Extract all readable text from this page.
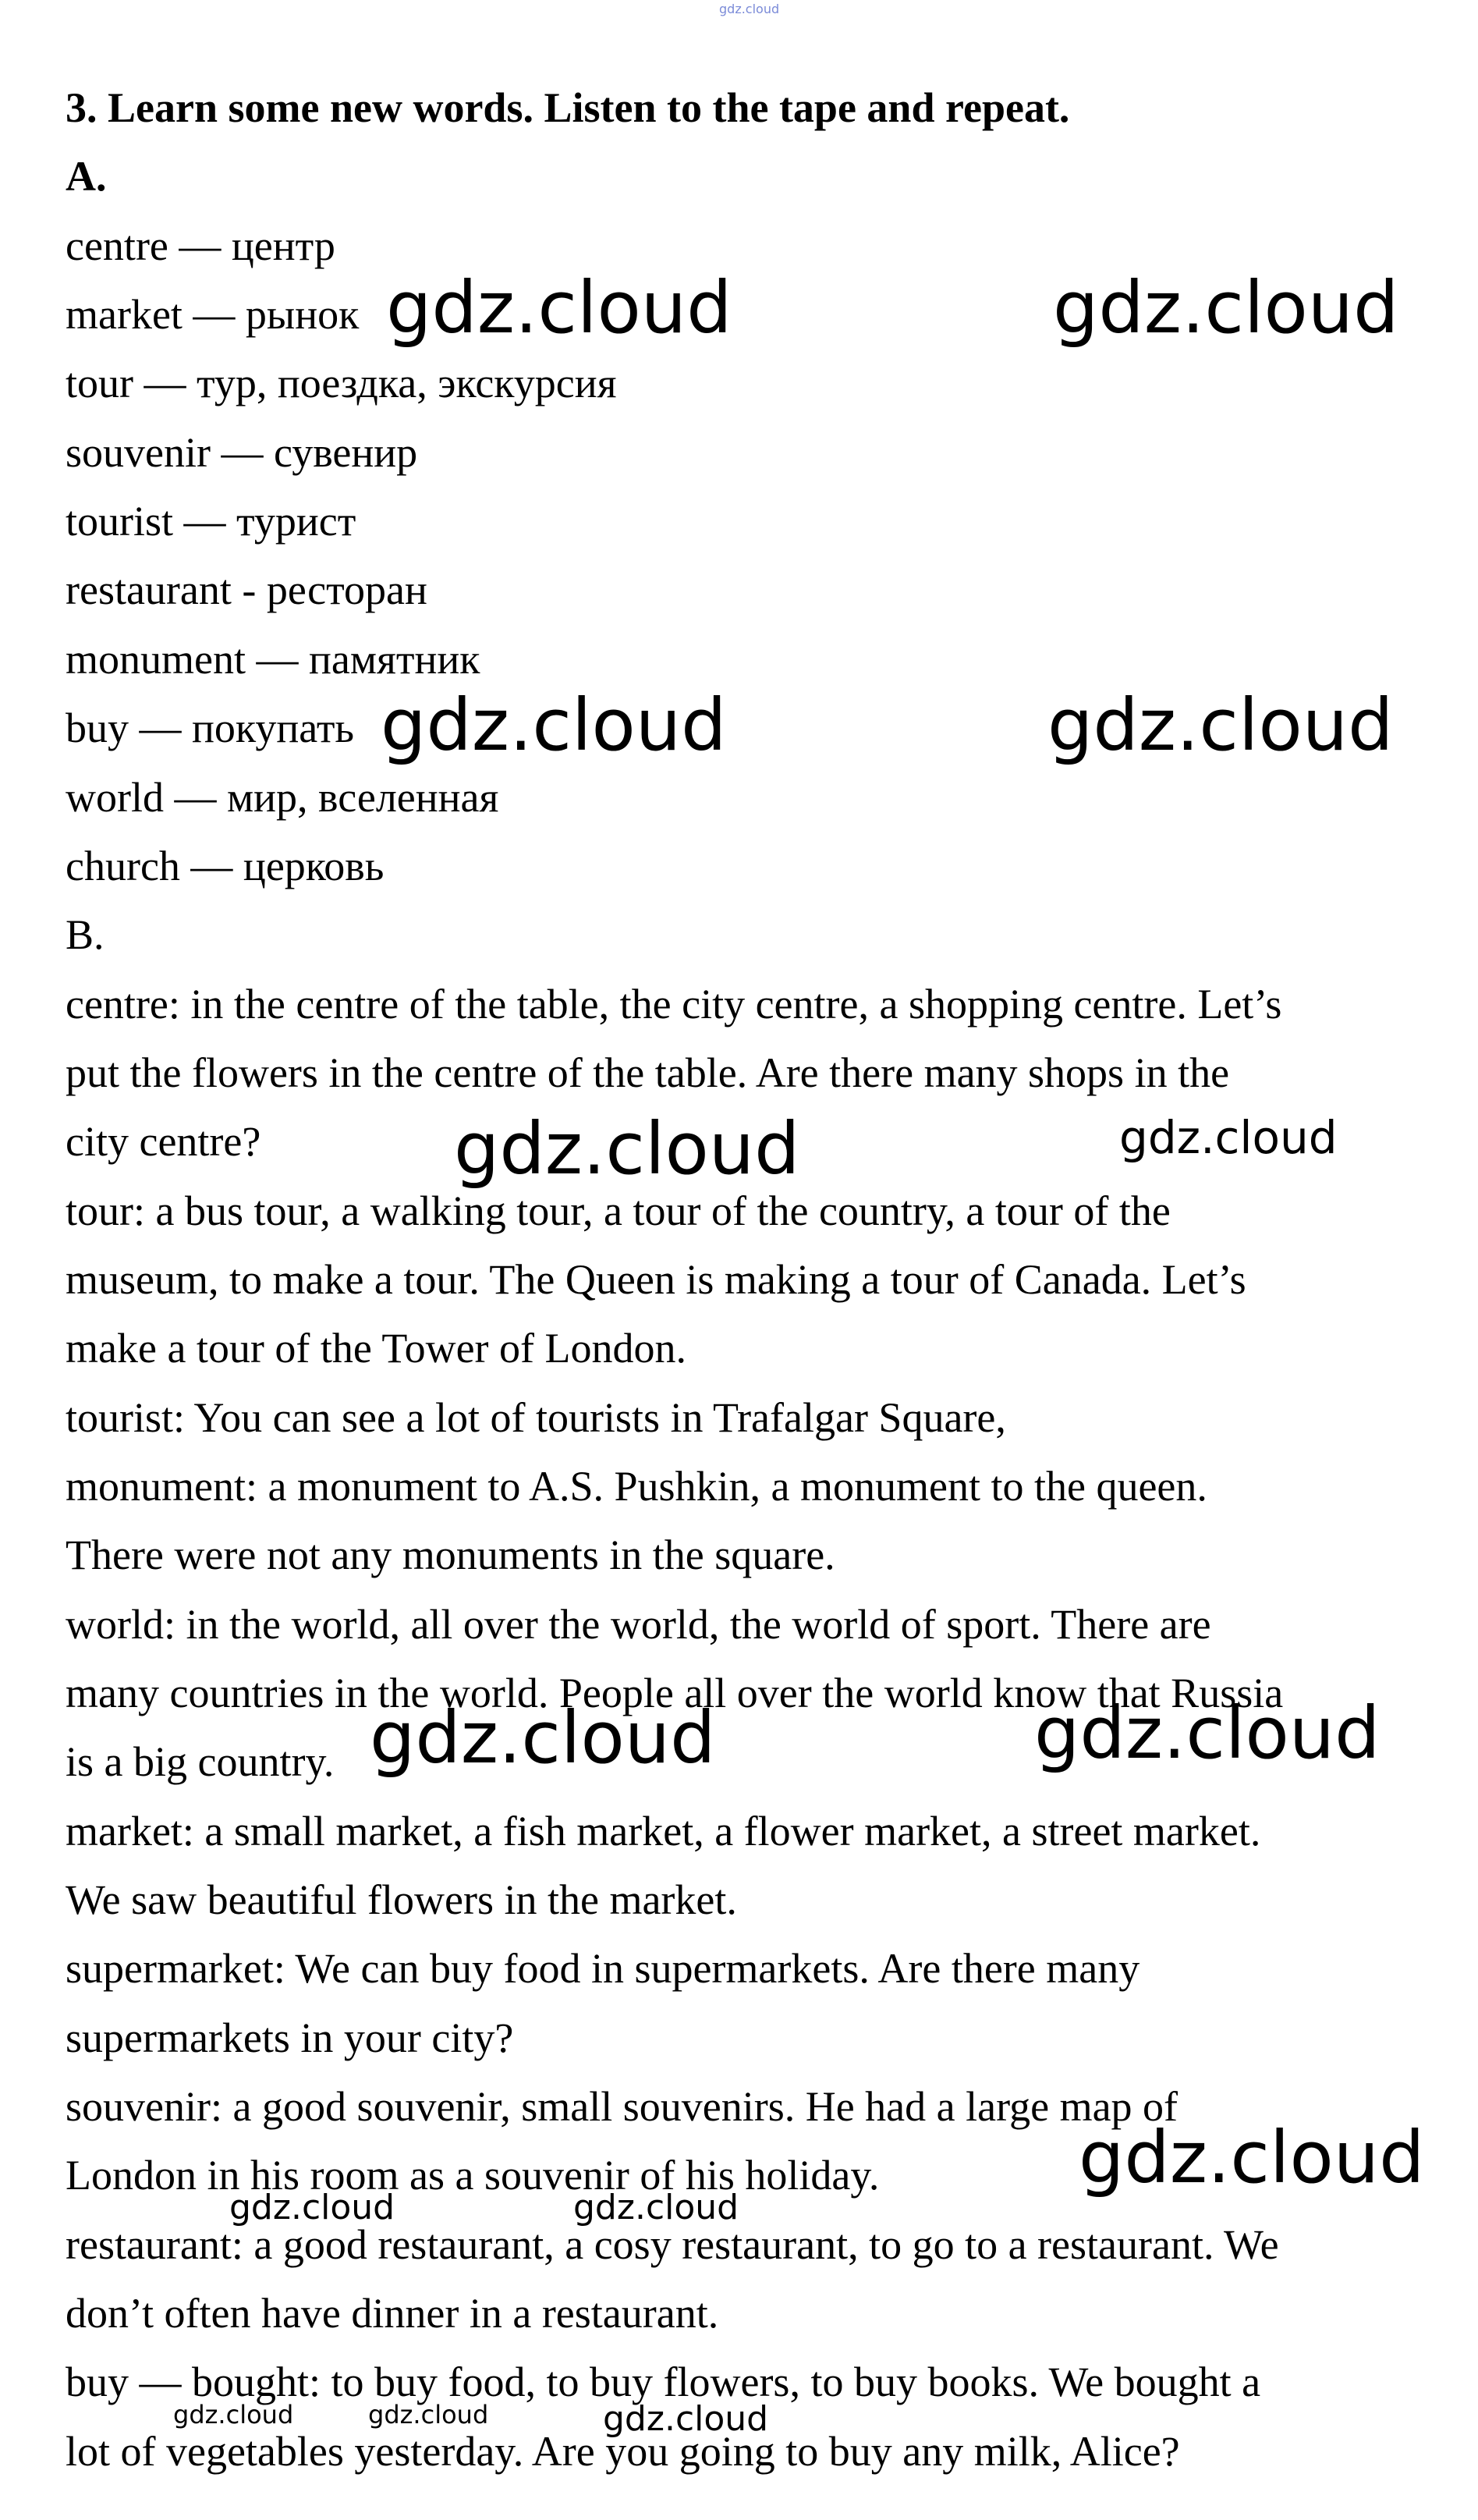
gdz.cloud
3. Learn some new words. Listen to the tape and repeat.
A.
centre — центр
market — рынок
tour — тур, поездка, экскурсия
souvenir — сувенир
tourist — турист
restaurant - ресторан
monument — памятник
buy — покупать
world — мир, вселенная
church — церковь
B.
centre: in the centre of the table, the city centre, a shopping centre. Let’s
put the flowers in the centre of the table. Are there many shops in the
city centre?
tour: a bus tour, a walking tour, a tour of the country, a tour of the
museum, to make a tour. The Queen is making a tour of Canada. Let’s
make a tour of the Tower of London.
tourist: You can see a lot of tourists in Trafalgar Square,
monument: a monument to A.S. Pushkin, a monument to the queen.
There were not any monuments in the square.
world: in the world, all over the world, the world of sport. There are
many countries in the world. People all over the world know that Russia
is a big country.
market: a small market, a fish market, a flower market, a street market.
We saw beautiful flowers in the market.
supermarket: We can buy food in supermarkets. Are there many
supermarkets in your city?
souvenir: a good souvenir, small souvenirs. He had a large map of
London in his room as a souvenir of his holiday.
restaurant: a good restaurant, a cosy restaurant, to go to a restaurant. We
don’t often have dinner in a restaurant.
buy — bought: to buy food, to buy flowers, to buy books. We bought a
lot of vegetables yesterday. Are you going to buy any milk, Alice?
gdz.cloud	gdz.cloud
gdz.cloud	gdz.cloud
gdz.cloud	gdz.cloud
gdz.cloud	gdz.cloud
gdz.cloud
gdz.cloud	gdz.cloud
gdz.cloud	gdz.cloud	gdz.cloud
